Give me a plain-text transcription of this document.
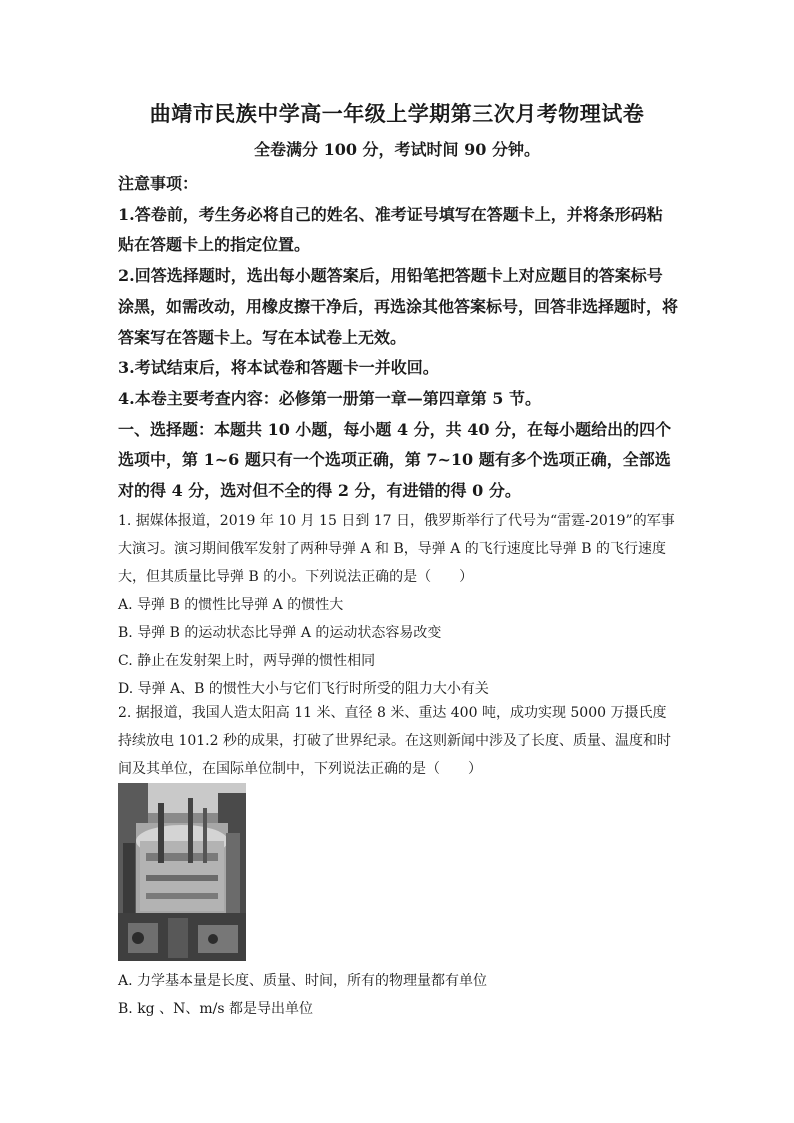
曲靖市民族中学高一年级上学期第三次月考物理试卷
全卷满分 100 分，考试时间 90 分钟。

注意事项：

1.答卷前，考生务必将自己的姓名、准考证号填写在答题卡上，并将条形码粘贴在答题卡上的指定位置。

2.回答选择题时，选出每小题答案后，用铅笔把答题卡上对应题目的答案标号涂黑，如需改动，用橡皮擦干净后，再选涂其他答案标号，回答非选择题时，将答案写在答题卡上。写在本试卷上无效。

3.考试结束后，将本试卷和答题卡一并收回。

4.本卷主要考查内容：必修第一册第一章—第四章第 5 节。

一、选择题：本题共 10 小题，每小题 4 分，共 40 分，在每小题给出的四个选项中，第 1~6 题只有一个选项正确，第 7~10 题有多个选项正确，全部选对的得 4 分，选对但不全的得 2 分，有进错的得 0 分。

1. 据媒体报道，2019 年 10 月 15 日到 17 日，俄罗斯举行了代号为“雷霆-2019”的军事大演习。演习期间俄军发射了两种导弹 A 和 B，导弹 A 的飞行速度比导弹 B 的飞行速度大，但其质量比导弹 B 的小。下列说法正确的是（　　）

A. 导弹 B 的惯性比导弹 A 的惯性大
B. 导弹 B 的运动状态比导弹 A 的运动状态容易改变
C. 静止在发射架上时，两导弹的惯性相同
D. 导弹 A、B 的惯性大小与它们飞行时所受的阻力大小有关

2. 据报道，我国人造太阳高 11 米、直径 8 米、重达 400 吨，成功实现 5000 万摄氏度持续放电 101.2 秒的成果，打破了世界纪录。在这则新闻中涉及了长度、质量、温度和时间及其单位，在国际单位制中，下列说法正确的是（　　）

A. 力学基本量是长度、质量、时间，所有的物理量都有单位
B. kg 、N、m/s 都是导出单位
